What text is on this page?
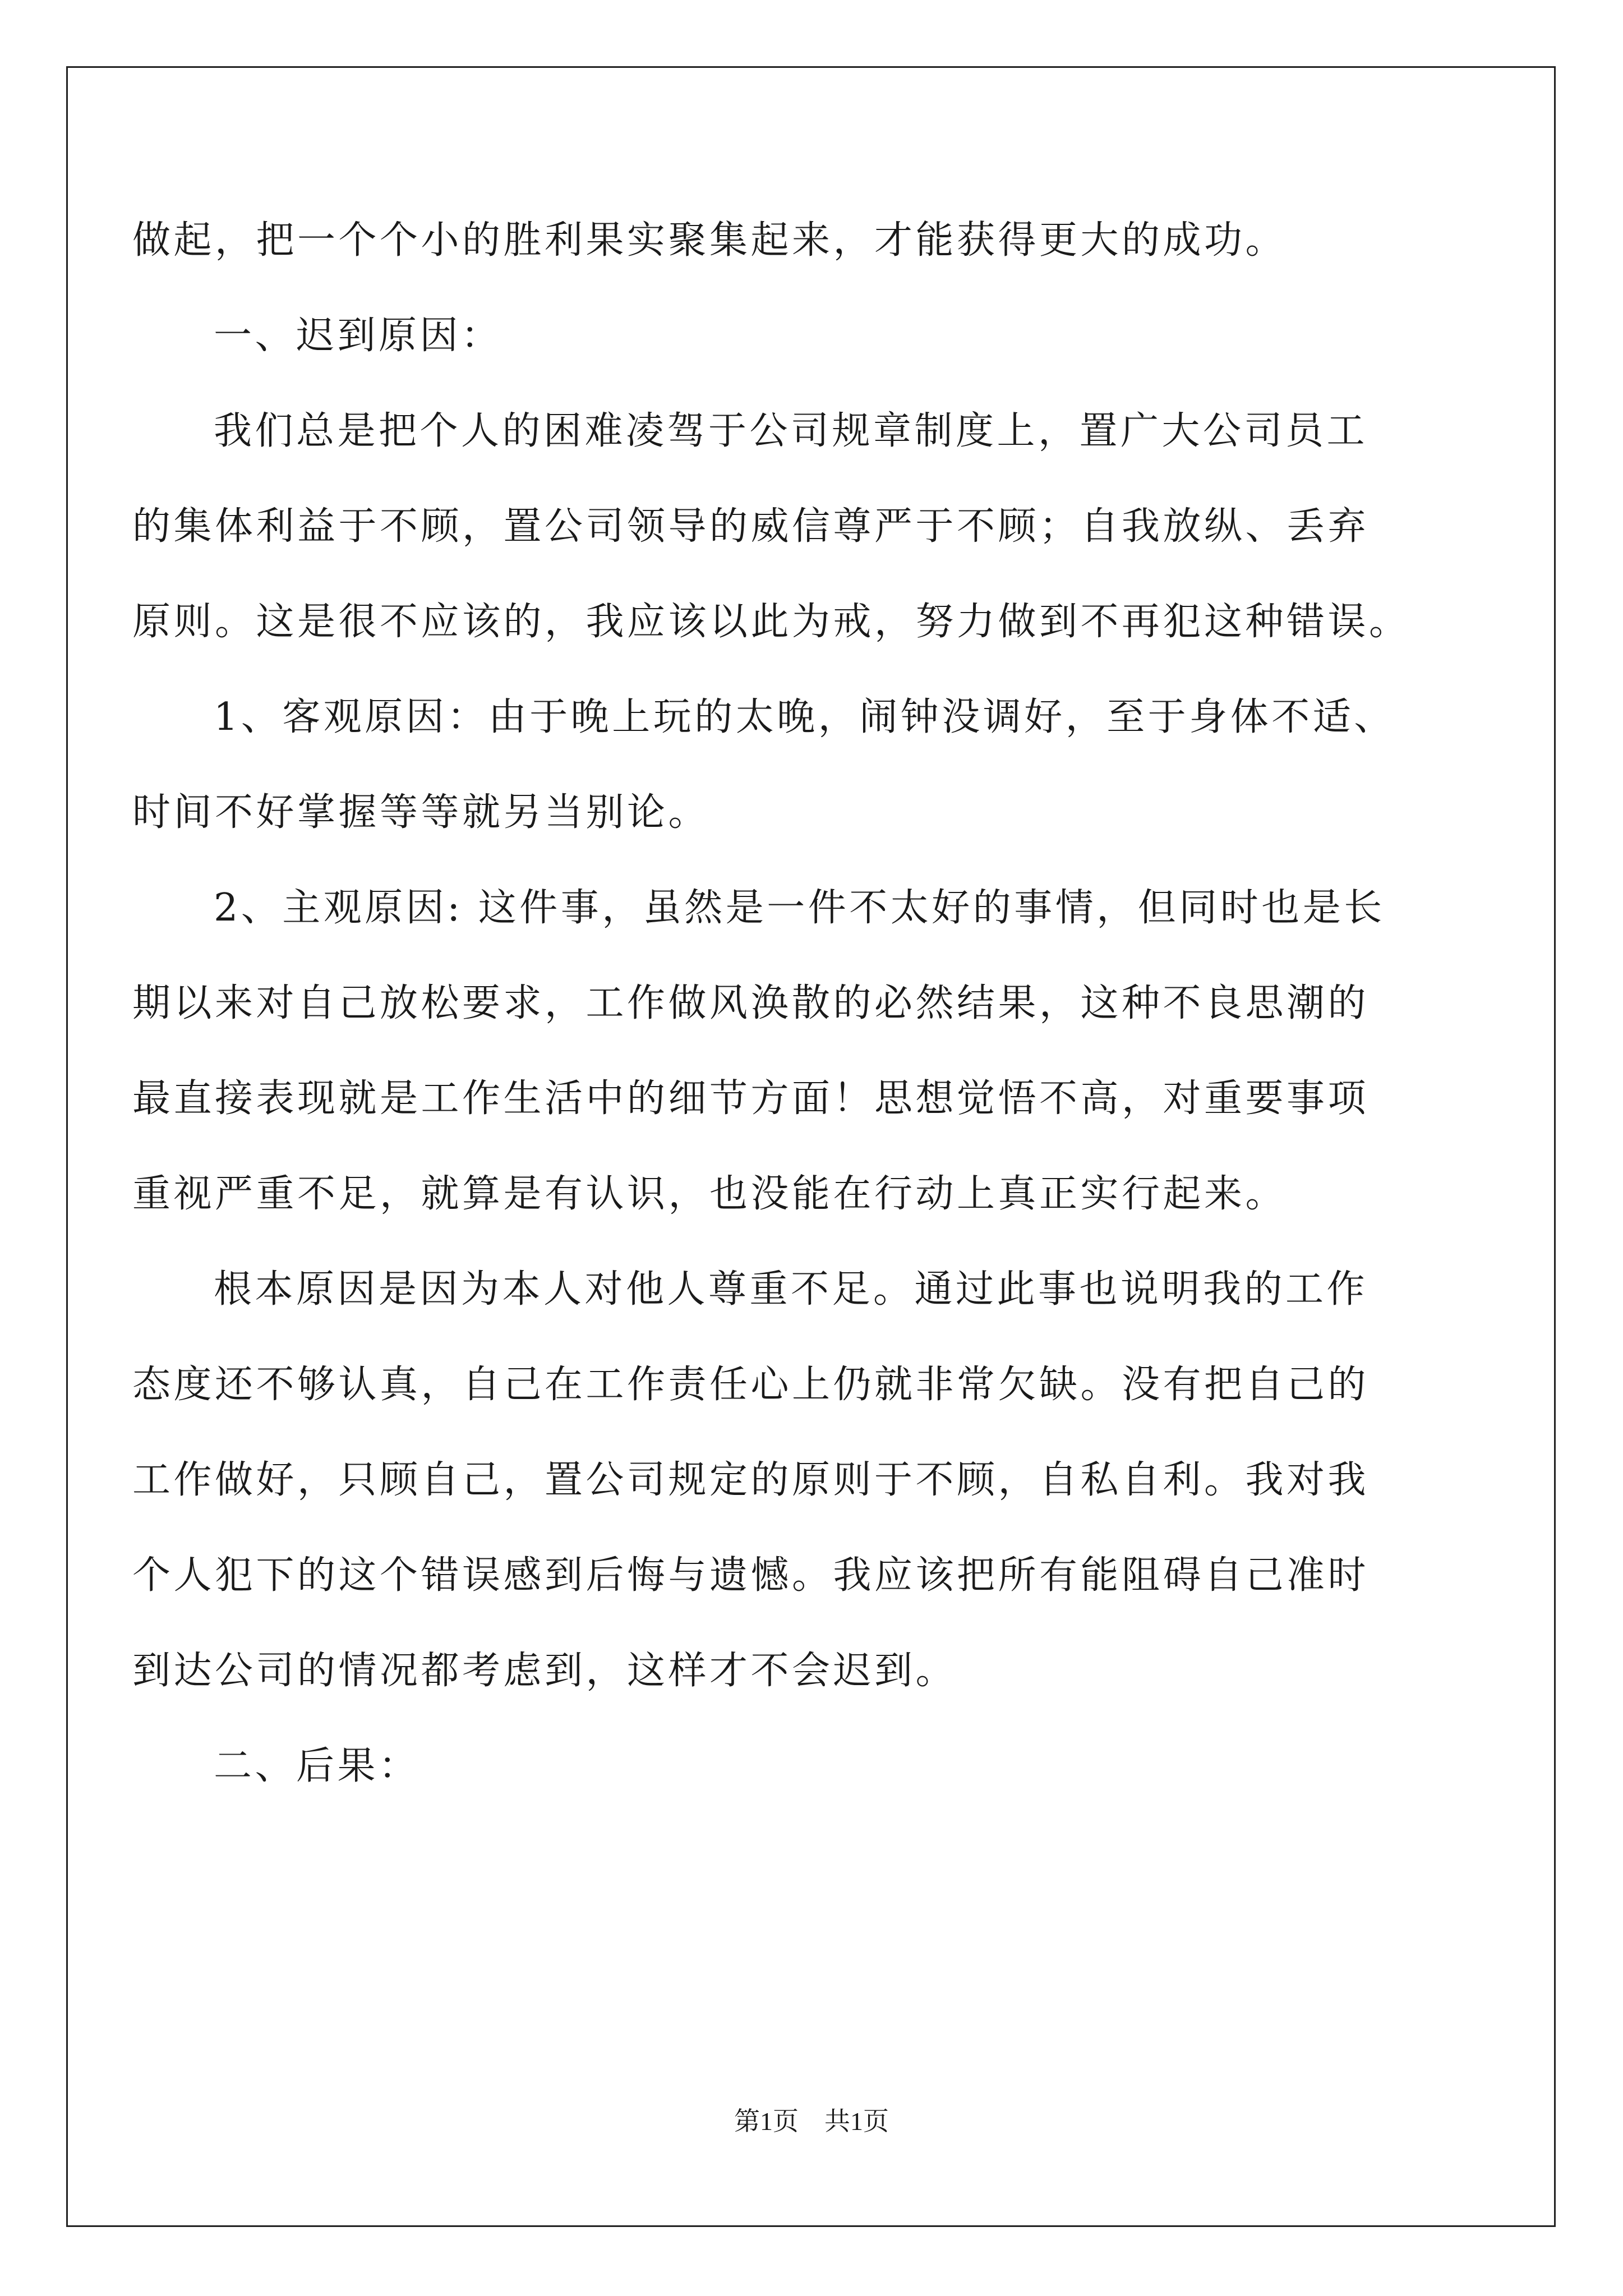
做起，把一个个小的胜利果实聚集起来，才能获得更大的成功。
一、迟到原因：
我们总是把个人的困难凌驾于公司规章制度上，置广大公司员工
的集体利益于不顾，置公司领导的威信尊严于不顾；自我放纵、丢弃
原则。这是很不应该的，我应该以此为戒，努力做到不再犯这种错误。
1、客观原因：由于晚上玩的太晚，闹钟没调好，至于身体不适、
时间不好掌握等等就另当别论。
2、主观原因: 这件事，虽然是一件不太好的事情，但同时也是长
期以来对自己放松要求，工作做风涣散的必然结果，这种不良思潮的
最直接表现就是工作生活中的细节方面！思想觉悟不高，对重要事项
重视严重不足，就算是有认识，也没能在行动上真正实行起来。
根本原因是因为本人对他人尊重不足。通过此事也说明我的工作
态度还不够认真，自己在工作责任心上仍就非常欠缺。没有把自己的
工作做好，只顾自己，置公司规定的原则于不顾，自私自利。我对我
个人犯下的这个错误感到后悔与遗憾。我应该把所有能阻碍自己准时
到达公司的情况都考虑到，这样才不会迟到。
二、后果：
第1页　共1页
